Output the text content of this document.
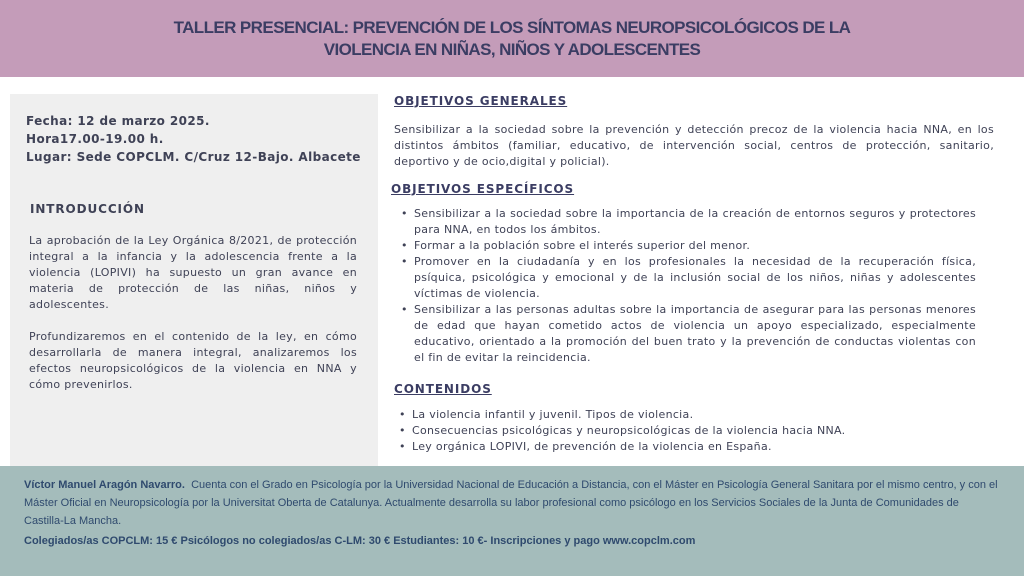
TALLER PRESENCIAL: PREVENCIÓN DE LOS SÍNTOMAS NEUROPSICOLÓGICOS DE LA VIOLENCIA EN NIÑAS, NIÑOS Y ADOLESCENTES
Fecha: 12 de marzo 2025.
Hora17.00-19.00 h.
Lugar: Sede COPCLM. C/Cruz 12-Bajo. Albacete
INTRODUCCIÓN

La aprobación de la Ley Orgánica 8/2021, de protección integral a la infancia y la adolescencia frente a la violencia (LOPIVI) ha supuesto un gran avance en materia de protección de las niñas, niños y adolescentes.

Profundizaremos en el contenido de la ley, en cómo desarrollarla de manera integral, analizaremos los efectos neuropsicológicos de la violencia en NNA y cómo prevenirlos.

OBJETIVOS GENERALES
Sensibilizar a la sociedad sobre la prevención y detección precoz de la violencia hacia NNA, en los distintos ámbitos (familiar, educativo, de intervención social, centros de protección, sanitario, deportivo y de ocio,digital y policial).
OBJETIVOS ESPECÍFICOS
• Sensibilizar a la sociedad sobre la importancia de la creación de entornos seguros y protectores para NNA, en todos los ámbitos.
• Formar a la población sobre el interés superior del menor.
• Promover en la ciudadanía y en los profesionales la necesidad de la recuperación física, psíquica, psicológica y emocional y de la inclusión social de los niños, niñas y adolescentes víctimas de violencia.
• Sensibilizar a las personas adultas sobre la importancia de asegurar para las personas menores de edad que hayan cometido actos de violencia un apoyo especializado, especialmente educativo, orientado a la promoción del buen trato y la prevención de conductas violentas con el fin de evitar la reincidencia.
CONTENIDOS
• La violencia infantil y juvenil. Tipos de violencia.
• Consecuencias psicológicas y neuropsicológicas de la violencia hacia NNA.
• Ley orgánica LOPIVI, de prevención de la violencia en España.
Víctor Manuel Aragón Navarro. Cuenta con el Grado en Psicología por la Universidad Nacional de Educación a Distancia, con el Máster en Psicología General Sanitara por el mismo centro, y con el Máster Oficial en Neuropsicología por la Universitat Oberta de Catalunya. Actualmente desarrolla su labor profesional como psicólogo en los Servicios Sociales de la Junta de Comunidades de Castilla-La Mancha.
Colegiados/as COPCLM: 15 € Psicólogos no colegiados/as C-LM: 30 € Estudiantes: 10 €- Inscripciones y pago www.copclm.com
